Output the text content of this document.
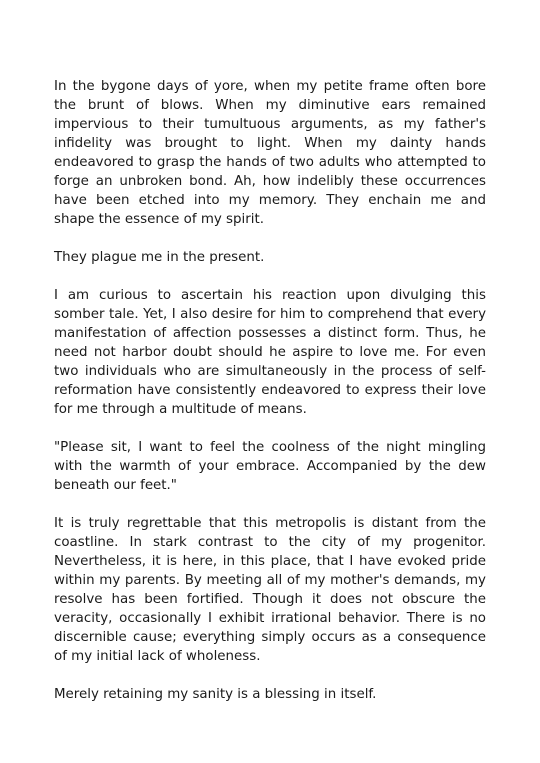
In the bygone days of yore, when my petite frame often bore the brunt of blows. When my diminutive ears remained impervious to their tumultuous arguments, as my father's infidelity was brought to light. When my dainty hands endeavored to grasp the hands of two adults who attempted to forge an unbroken bond. Ah, how indelibly these occurrences have been etched into my memory. They enchain me and shape the essence of my spirit.

They plague me in the present.

I am curious to ascertain his reaction upon divulging this somber tale. Yet, I also desire for him to comprehend that every manifestation of affection possesses a distinct form. Thus, he need not harbor doubt should he aspire to love me. For even two individuals who are simultaneously in the process of self-reformation have consistently endeavored to express their love for me through a multitude of means.

"Please sit, I want to feel the coolness of the night mingling with the warmth of your embrace. Accompanied by the dew beneath our feet."

It is truly regrettable that this metropolis is distant from the coastline. In stark contrast to the city of my progenitor. Nevertheless, it is here, in this place, that I have evoked pride within my parents. By meeting all of my mother's demands, my resolve has been fortified. Though it does not obscure the veracity, occasionally I exhibit irrational behavior. There is no discernible cause; everything simply occurs as a consequence of my initial lack of wholeness.

Merely retaining my sanity is a blessing in itself.
